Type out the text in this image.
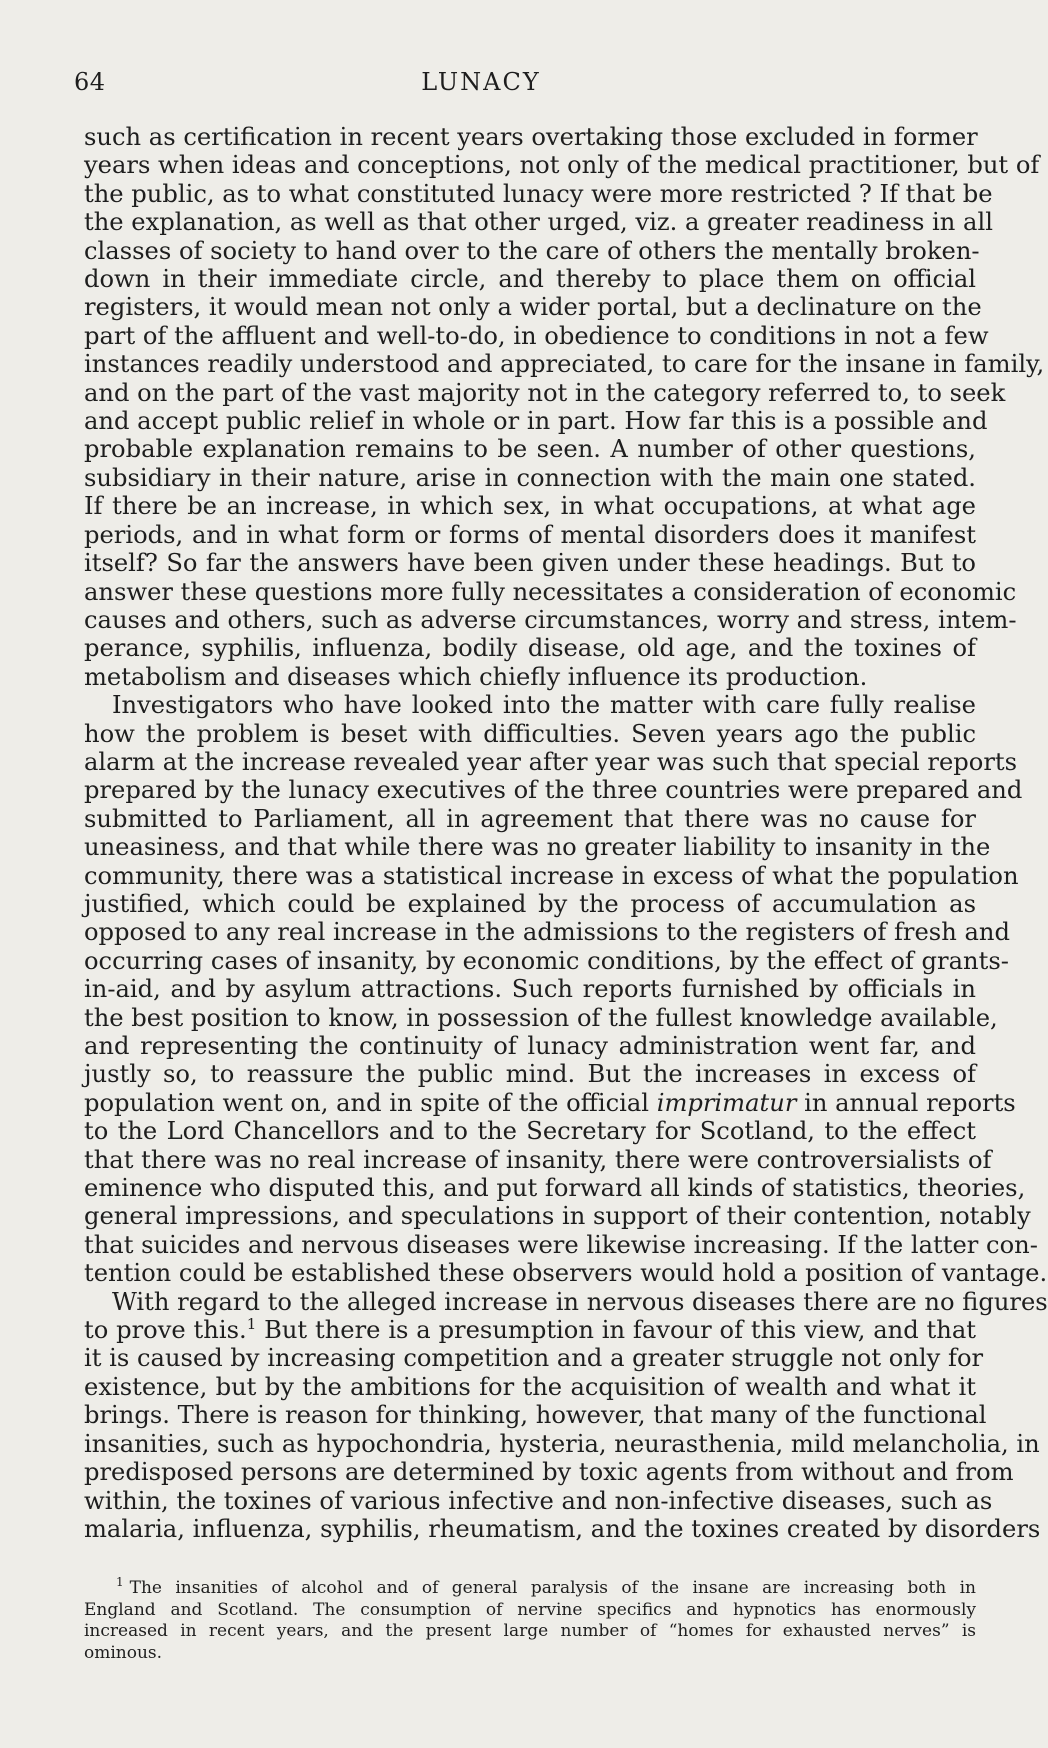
64	LUNACY
such as certification in recent years overtaking those excluded in former
years when ideas and conceptions, not only of the medical practitioner, but of
the public, as to what constituted lunacy were more restricted ? If that be
the explanation, as well as that other urged, viz. a greater readiness in all
classes of society to hand over to the care of others the mentally broken-
down in their immediate circle, and thereby to place them on official
registers, it would mean not only a wider portal, but a declinature on the
part of the affluent and well-to-do, in obedience to conditions in not a few
instances readily understood and appreciated, to care for the insane in family,
and on the part of the vast majority not in the category referred to, to seek
and accept public relief in whole or in part. How far this is a possible and
probable explanation remains to be seen. A number of other questions,
subsidiary in their nature, arise in connection with the main one stated.
If there be an increase, in which sex, in what occupations, at what age
periods, and in what form or forms of mental disorders does it manifest
itself? So far the answers have been given under these headings. But to
answer these questions more fully necessitates a consideration of economic
causes and others, such as adverse circumstances, worry and stress, intem-
perance, syphilis, influenza, bodily disease, old age, and the toxines of
metabolism and diseases which chiefly influence its production.
Investigators who have looked into the matter with care fully realise
how the problem is beset with difficulties. Seven years ago the public
alarm at the increase revealed year after year was such that special reports
prepared by the lunacy executives of the three countries were prepared and
submitted to Parliament, all in agreement that there was no cause for
uneasiness, and that while there was no greater liability to insanity in the
community, there was a statistical increase in excess of what the population
justified, which could be explained by the process of accumulation as
opposed to any real increase in the admissions to the registers of fresh and
occurring cases of insanity, by economic conditions, by the effect of grants-
in-aid, and by asylum attractions. Such reports furnished by officials in
the best position to know, in possession of the fullest knowledge available,
and representing the continuity of lunacy administration went far, and
justly so, to reassure the public mind. But the increases in excess of
population went on, and in spite of the official imprimatur in annual reports
to the Lord Chancellors and to the Secretary for Scotland, to the effect
that there was no real increase of insanity, there were controversialists of
eminence who disputed this, and put forward all kinds of statistics, theories,
general impressions, and speculations in support of their contention, notably
that suicides and nervous diseases were likewise increasing. If the latter con-
tention could be established these observers would hold a position of vantage.
With regard to the alleged increase in nervous diseases there are no figures
to prove this.$^1$ But there is a presumption in favour of this view, and that
it is caused by increasing competition and a greater struggle not only for
existence, but by the ambitions for the acquisition of wealth and what it
brings. There is reason for thinking, however, that many of the functional
insanities, such as hypochondria, hysteria, neurasthenia, mild melancholia, in
predisposed persons are determined by toxic agents from without and from
within, the toxines of various infective and non-infective diseases, such as
malaria, influenza, syphilis, rheumatism, and the toxines created by disorders
$^1$ The insanities of alcohol and of general paralysis of the insane are increasing both in
England and Scotland. The consumption of nervine specifics and hypnotics has enormously
increased in recent years, and the present large number of “homes for exhausted nerves” is
ominous.
